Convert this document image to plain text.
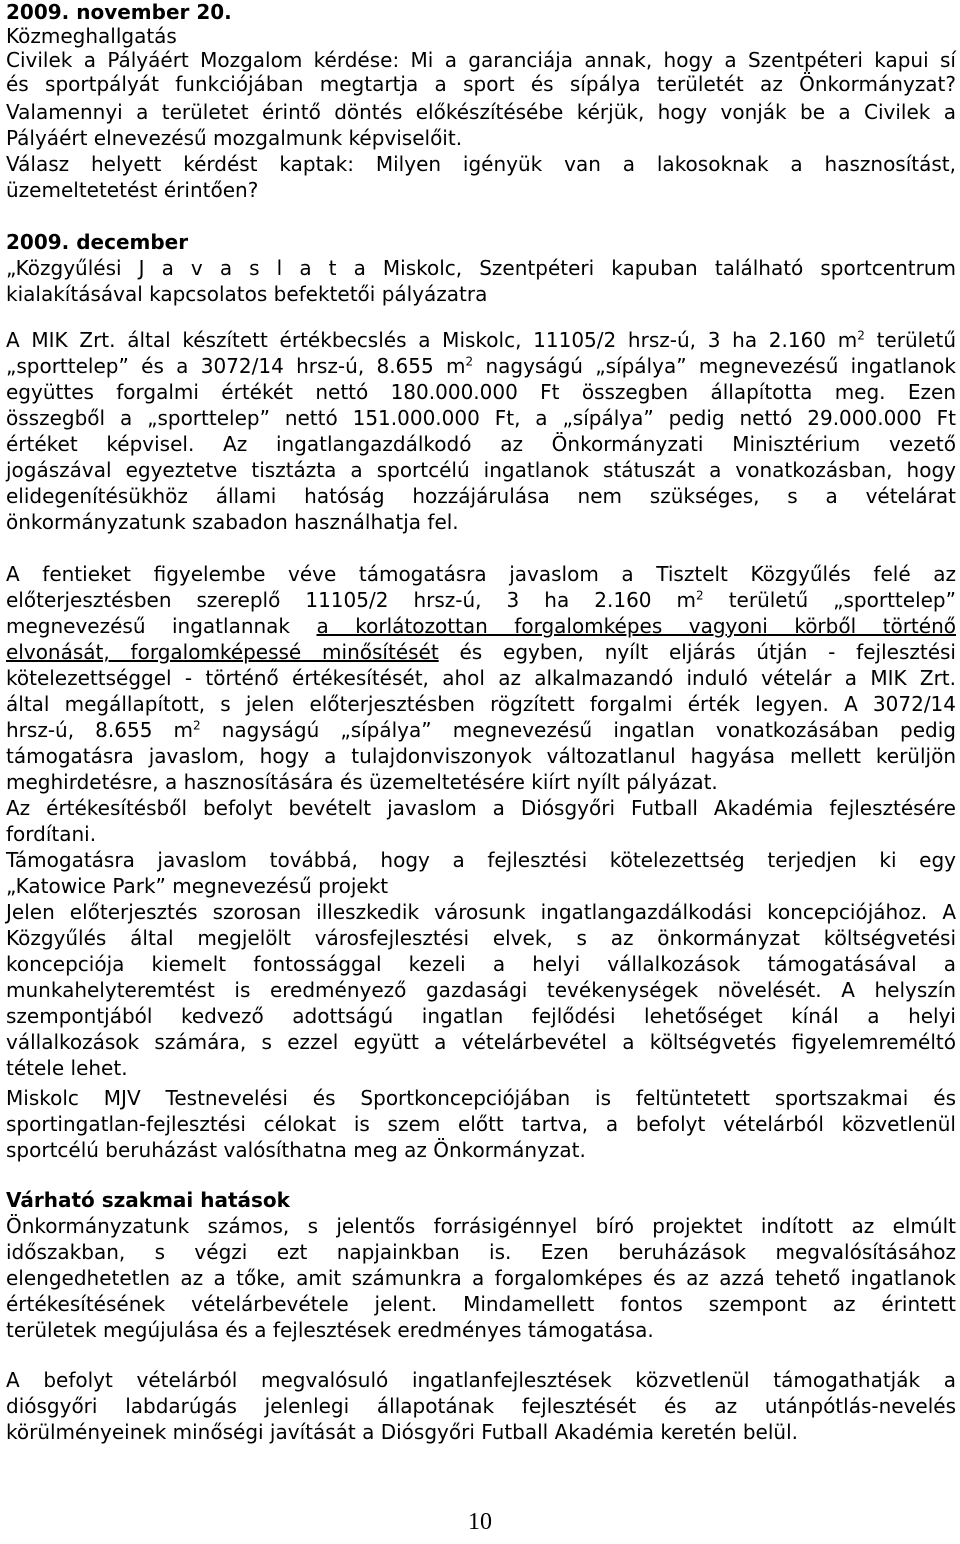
2009. november 20.
Közmeghallgatás
Civilek a Pályáért Mozgalom kérdése: Mi a garanciája annak, hogy a Szentpéteri kapui sí
és sportpályát funkciójában megtartja a sport és sípálya területét az Önkormányzat?
Valamennyi a területet érintő döntés előkészítésébe kérjük, hogy vonják be a Civilek a
Pályáért elnevezésű mozgalmunk képviselőit.
Válasz helyett kérdést kaptak: Milyen igényük van a lakosoknak a hasznosítást,
üzemeltetetést érintően?
2009. december
„Közgyűlési J a v a s l a t a Miskolc, Szentpéteri kapuban található sportcentrum
kialakításával kapcsolatos befektetői pályázatra
A MIK Zrt. által készített értékbecslés a Miskolc, 11105/2 hrsz-ú, 3 ha 2.160 $m^2$ területű
„sporttelep” és a 3072/14 hrsz-ú, 8.655 $m^2$ nagyságú „sípálya” megnevezésű ingatlanok
együttes forgalmi értékét nettó 180.000.000 Ft összegben állapította meg. Ezen
összegből a „sporttelep” nettó 151.000.000 Ft, a „sípálya” pedig nettó 29.000.000 Ft
értéket képvisel. Az ingatlangazdálkodó az Önkormányzati Minisztérium vezető
jogászával egyeztetve tisztázta a sportcélú ingatlanok státuszát a vonatkozásban, hogy
elidegenítésükhöz állami hatóság hozzájárulása nem szükséges, s a vételárat
önkormányzatunk szabadon használhatja fel.
A fentieket figyelembe véve támogatásra javaslom a Tisztelt Közgyűlés felé az
előterjesztésben szereplő 11105/2 hrsz-ú, 3 ha 2.160 $m^2$ területű „sporttelep”
megnevezésű ingatlannak a korlátozottan forgalomképes vagyoni körből történő
elvonását, forgalomképessé minősítését és egyben, nyílt eljárás útján - fejlesztési
kötelezettséggel - történő értékesítését, ahol az alkalmazandó induló vételár a MIK Zrt.
által megállapított, s jelen előterjesztésben rögzített forgalmi érték legyen. A 3072/14
hrsz-ú, 8.655 $m^2$ nagyságú „sípálya” megnevezésű ingatlan vonatkozásában pedig
támogatásra javaslom, hogy a tulajdonviszonyok változatlanul hagyása mellett kerüljön
meghirdetésre, a hasznosítására és üzemeltetésére kiírt nyílt pályázat.
Az értékesítésből befolyt bevételt javaslom a Diósgyőri Futball Akadémia fejlesztésére
fordítani.
Támogatásra javaslom továbbá, hogy a fejlesztési kötelezettség terjedjen ki egy
„Katowice Park” megnevezésű projekt
Jelen előterjesztés szorosan illeszkedik városunk ingatlangazdálkodási koncepciójához. A
Közgyűlés által megjelölt városfejlesztési elvek, s az önkormányzat költségvetési
koncepciója kiemelt fontossággal kezeli a helyi vállalkozások támogatásával a
munkahelyteremtést is eredményező gazdasági tevékenységek növelését. A helyszín
szempontjából kedvező adottságú ingatlan fejlődési lehetőséget kínál a helyi
vállalkozások számára, s ezzel együtt a vételárbevétel a költségvetés figyelemreméltó
tétele lehet.
Miskolc MJV Testnevelési és Sportkoncepciójában is feltüntetett sportszakmai és
sportingatlan-fejlesztési célokat is szem előtt tartva, a befolyt vételárból közvetlenül
sportcélú beruházást valósíthatna meg az Önkormányzat.
Várható szakmai hatások
Önkormányzatunk számos, s jelentős forrásigénnyel bíró projektet indított az elmúlt
időszakban, s végzi ezt napjainkban is. Ezen beruházások megvalósításához
elengedhetetlen az a tőke, amit számunkra a forgalomképes és az azzá tehető ingatlanok
értékesítésének vételárbevétele jelent. Mindamellett fontos szempont az érintett
területek megújulása és a fejlesztések eredményes támogatása.
A befolyt vételárból megvalósuló ingatlanfejlesztések közvetlenül támogathatják a
diósgyőri labdarúgás jelenlegi állapotának fejlesztését és az utánpótlás-nevelés
körülményeinek minőségi javítását a Diósgyőri Futball Akadémia keretén belül.
10
